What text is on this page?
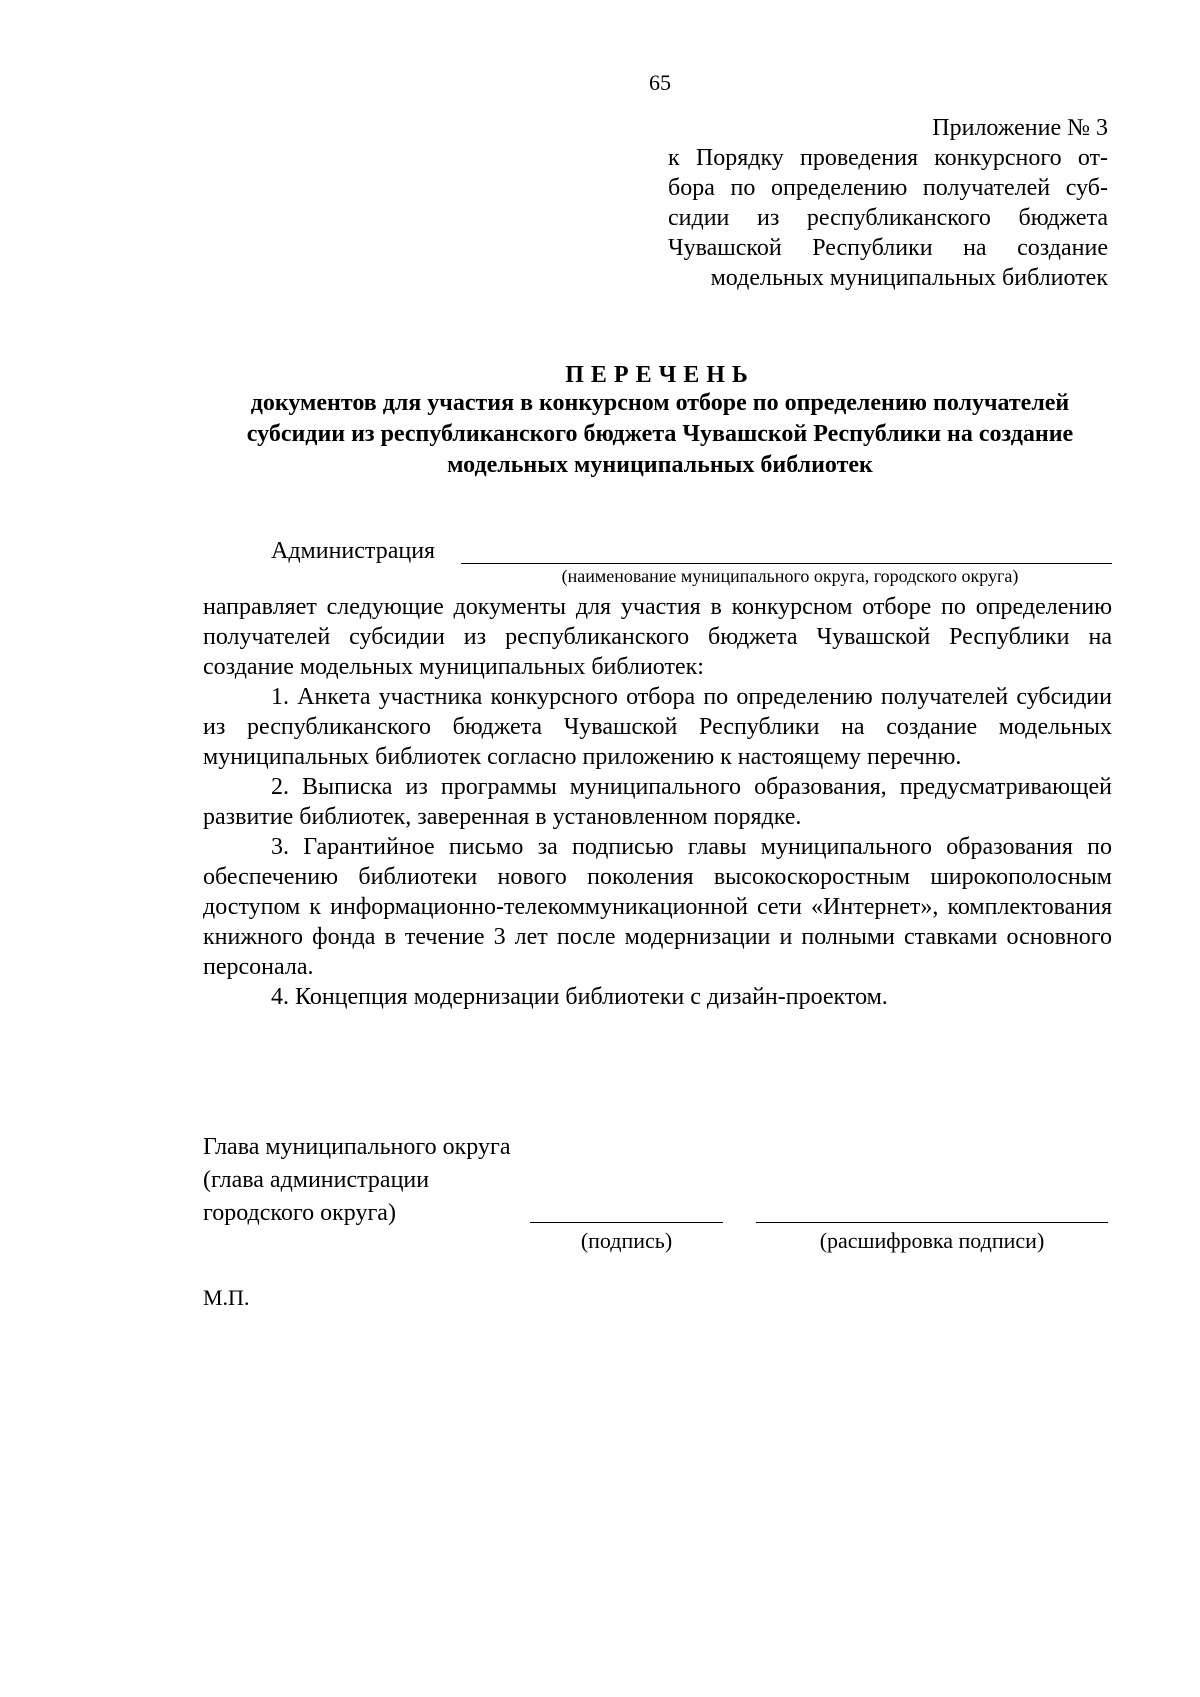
65
Приложение № 3
к Порядку проведения конкурсного от-
бора по определению получателей суб-
сидии из республиканского бюджета
Чувашской Республики на создание
модельных муниципальных библиотек
ПЕРЕЧЕНЬ
документов для участия в конкурсном отборе по определению получателей субсидии из республиканского бюджета Чувашской Республики на создание модельных муниципальных библиотек
Администрация
(наименование муниципального округа, городского округа)

направляет следующие документы для участия в конкурсном отборе по определению получателей субсидии из республиканского бюджета Чувашской Республики на создание модельных муниципальных библиотек:

1. Анкета участника конкурсного отбора по определению получателей субсидии из республиканского бюджета Чувашской Республики на создание модельных муниципальных библиотек согласно приложению к настоящему перечню.

2. Выписка из программы муниципального образования, предусматривающей развитие библиотек, заверенная в установленном порядке.

3. Гарантийное письмо за подписью главы муниципального образования по обеспечению библиотеки нового поколения высокоскоростным широкополосным доступом к информационно-телекоммуникационной сети «Интернет», комплектования книжного фонда в течение 3 лет после модернизации и полными ставками основного персонала.

4. Концепция модернизации библиотеки с дизайн-проектом.

Глава муниципального округа
(глава администрации
городского округа)
(подпись)	(расшифровка подписи)
М.П.
